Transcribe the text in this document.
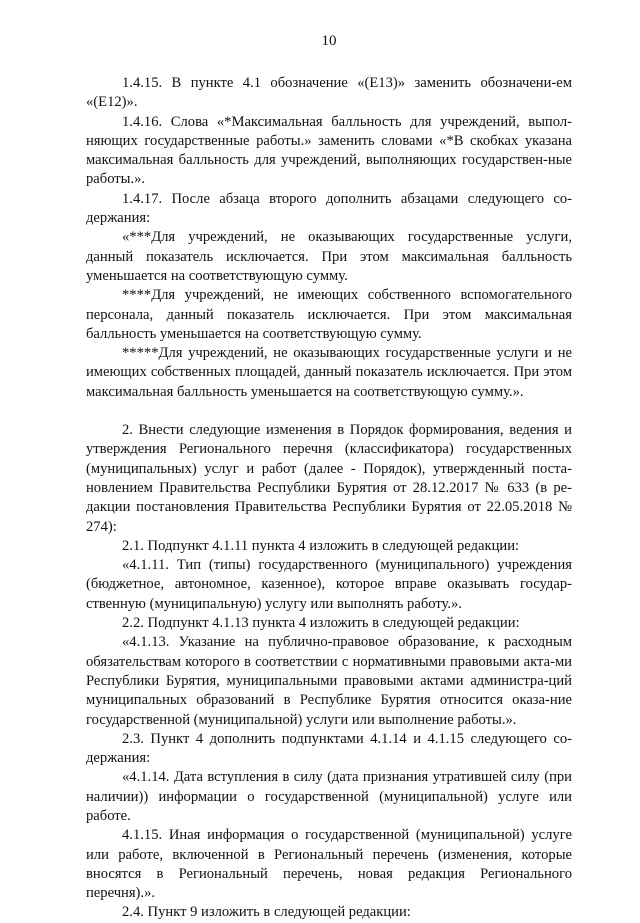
10

1.4.15. В пункте 4.1 обозначение «(Е13)» заменить обозначени-ем «(Е12)».

1.4.16. Слова «*Максимальная балльность для учреждений, выпол-няющих государственные работы.» заменить словами «*В скобках указана максимальная балльность для учреждений, выполняющих государствен-ные работы.».

1.4.17. После абзаца второго дополнить абзацами следующего со-держания:

«***Для учреждений, не оказывающих государственные услуги, данный показатель исключается. При этом максимальная балльность уменьшается на соответствующую сумму.

****Для учреждений, не имеющих собственного вспомогательного персонала, данный показатель исключается. При этом максимальная балльность уменьшается на соответствующую сумму.

*****Для учреждений, не оказывающих государственные услуги и не имеющих собственных площадей, данный показатель исключается. При этом максимальная балльность уменьшается на соответствующую сумму.».

2. Внести следующие изменения в Порядок формирования, ведения и утверждения Регионального перечня (классификатора) государственных (муниципальных) услуг и работ (далее - Порядок), утвержденный поста-новлением Правительства Республики Бурятия от 28.12.2017 № 633 (в ре-дакции постановления Правительства Республики Бурятия от 22.05.2018 № 274):

2.1. Подпункт 4.1.11 пункта 4 изложить в следующей редакции:

«4.1.11. Тип (типы) государственного (муниципального) учреждения (бюджетное, автономное, казенное), которое вправе оказывать государ-ственную (муниципальную) услугу или выполнять работу.».

2.2. Подпункт 4.1.13 пункта 4 изложить в следующей редакции:

«4.1.13. Указание на публично-правовое образование, к расходным обязательствам которого в соответствии с нормативными правовыми акта-ми Республики Бурятия, муниципальными правовыми актами администра-ций муниципальных образований в Республике Бурятия относится оказа-ние государственной (муниципальной) услуги или выполнение работы.».

2.3. Пункт 4 дополнить подпунктами 4.1.14 и 4.1.15 следующего со-держания:

«4.1.14. Дата вступления в силу (дата признания утратившей силу (при наличии)) информации о государственной (муниципальной) услуге или работе.

4.1.15. Иная информация о государственной (муниципальной) услуге или работе, включенной в Региональный перечень (изменения, которые вносятся в Региональный перечень, новая редакция Регионального перечня).».

2.4. Пункт 9 изложить в следующей редакции:
